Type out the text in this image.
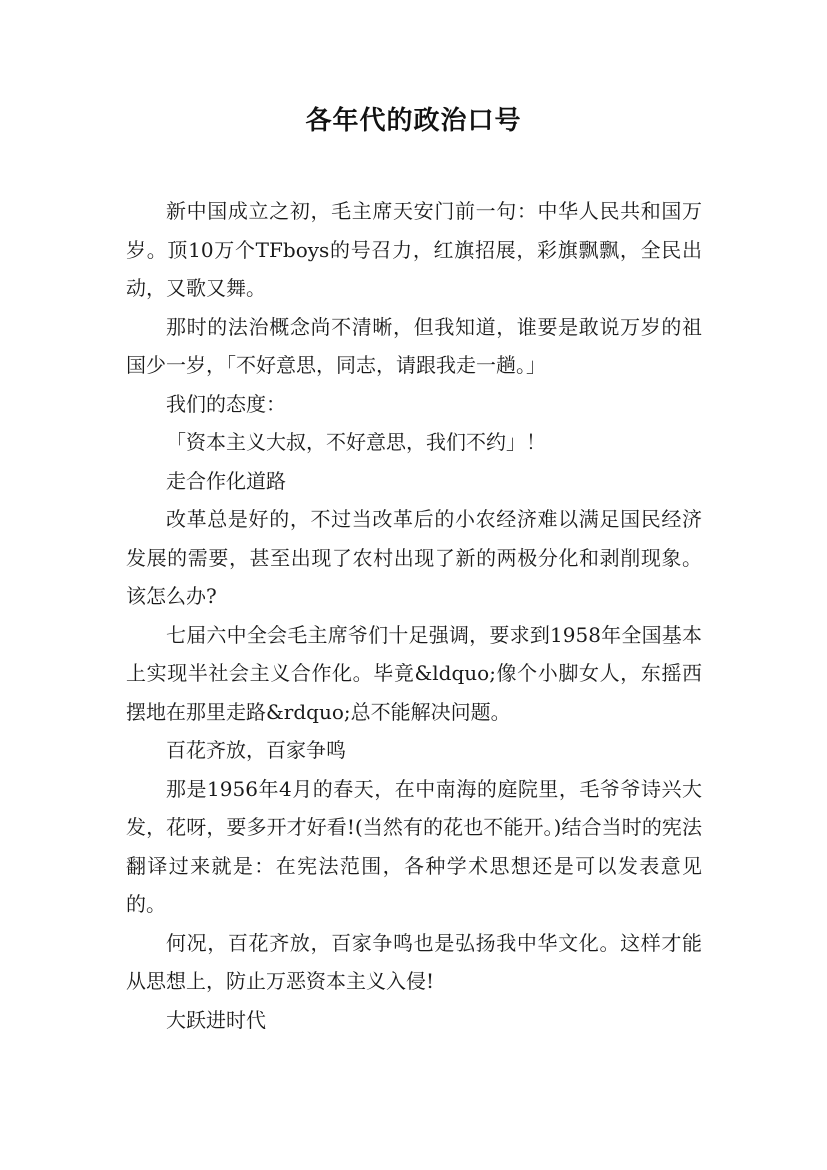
各年代的政治口号

新中国成立之初，毛主席天安门前一句：中华人民共和国万岁。顶10万个TFboys的号召力，红旗招展，彩旗飘飘，全民出动，又歌又舞。

那时的法治概念尚不清晰，但我知道，谁要是敢说万岁的祖国少一岁，「不好意思，同志，请跟我走一趟。」

我们的态度：

「资本主义大叔，不好意思，我们不约」！

走合作化道路

改革总是好的，不过当改革后的小农经济难以满足国民经济发展的需要，甚至出现了农村出现了新的两极分化和剥削现象。该怎么办?

七届六中全会毛主席爷们十足强调，要求到1958年全国基本上实现半社会主义合作化。毕竟&ldquo;像个小脚女人，东摇西摆地在那里走路&rdquo;总不能解决问题。

百花齐放，百家争鸣

那是1956年4月的春天，在中南海的庭院里，毛爷爷诗兴大发，花呀，要多开才好看!(当然有的花也不能开。)结合当时的宪法翻译过来就是：在宪法范围，各种学术思想还是可以发表意见的。

何况，百花齐放，百家争鸣也是弘扬我中华文化。这样才能从思想上，防止万恶资本主义入侵!

大跃进时代
